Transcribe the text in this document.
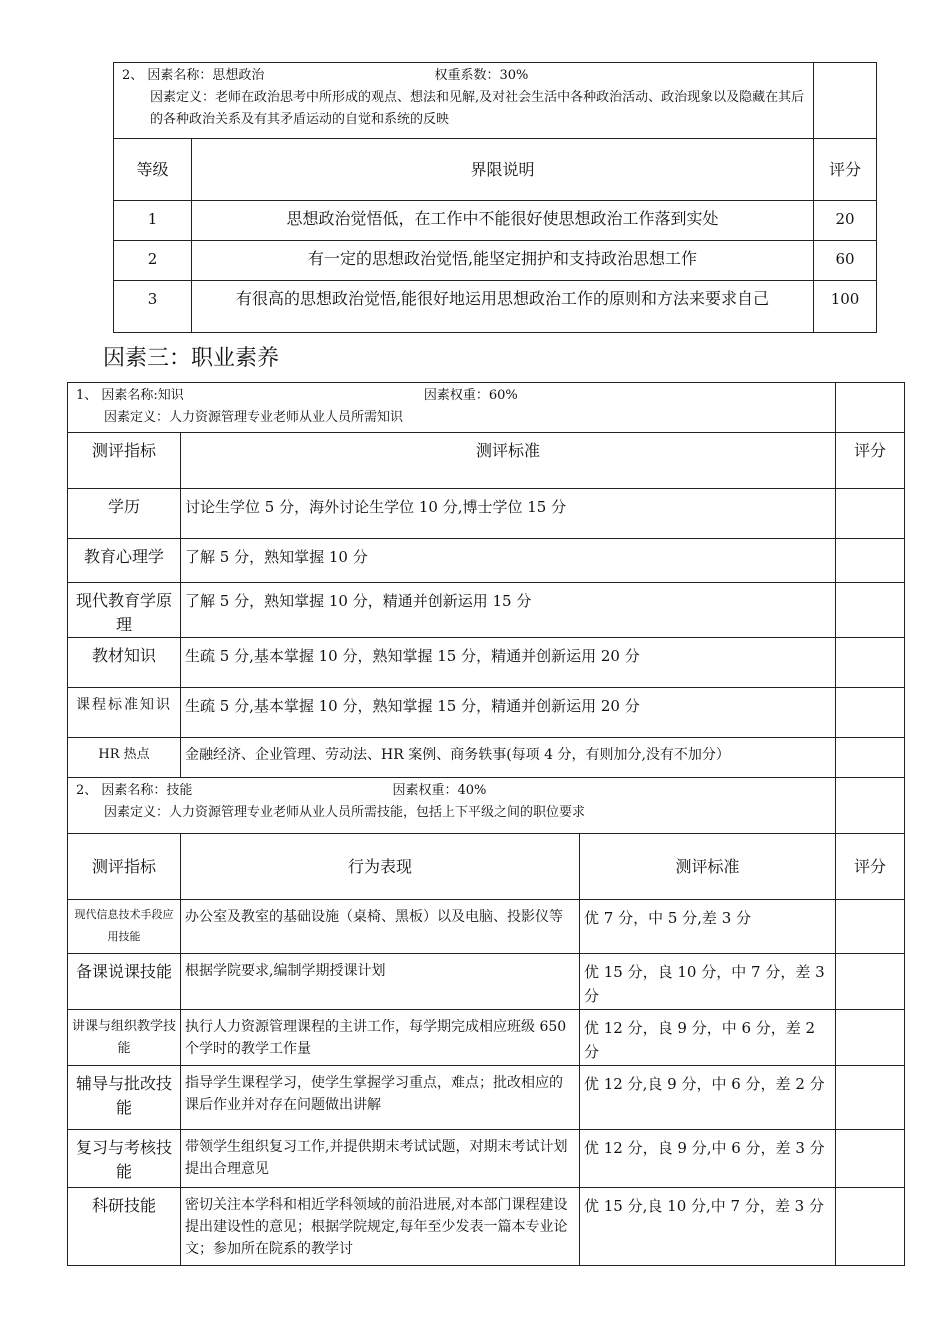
2、 因素名称：思想政治 权重系数：30%
因素定义：老师在政治思考中所形成的观点、想法和见解,及对社会生活中各种政治活动、政治现象以及隐藏在其后的各种政治关系及有其矛盾运动的自觉和系统的反映		

等级	界限说明	评分
1	思想政治觉悟低，在工作中不能很好使思想政治工作落到实处	20
2	有一定的思想政治觉悟,能坚定拥护和支持政治思想工作	60
3	有很高的思想政治觉悟,能很好地运用思想政治工作的原则和方法来要求自己	100
因素三：职业素养
1、 因素名称:知识 因素权重：60%
因素定义：人力资源管理专业老师从业人员所需知识			

测评指标	测评标准		评分
学历	讨论生学位 5 分，海外讨论生学位 10 分,博士学位 15 分		
教育心理学	了解 5 分，熟知掌握 10 分		
现代教育学原理	了解 5 分，熟知掌握 10 分，精通并创新运用 15 分		
教材知识	生疏 5 分,基本掌握 10 分，熟知掌握 15 分，精通并创新运用 20 分		
课程标准知识	生疏 5 分,基本掌握 10 分，熟知掌握 15 分，精通并创新运用 20 分		
HR 热点	金融经济、企业管理、劳动法、HR 案例、商务轶事(每项 4 分，有则加分,没有不加分）		

2、 因素名称：技能 因素权重：40%
因素定义：人力资源管理专业老师从业人员所需技能，包括上下平级之间的职位要求			

测评指标	行为表现	测评标准	评分
现代信息技术手段应用技能	办公室及教室的基础设施（桌椅、黑板）以及电脑、投影仪等	优 7 分，中 5 分,差 3 分	
备课说课技能	根据学院要求,编制学期授课计划	优 15 分，良 10 分，中 7 分，差 3 分	
讲课与组织教学技能	执行人力资源管理课程的主讲工作，每学期完成相应班级 650 个学时的教学工作量	优 12 分，良 9 分，中 6 分，差 2 分	
辅导与批改技能	指导学生课程学习，使学生掌握学习重点，难点；批改相应的课后作业并对存在问题做出讲解	优 12 分,良 9 分，中 6 分，差 2 分	
复习与考核技能	带领学生组织复习工作,并提供期末考试试题，对期末考试计划提出合理意见	优 12 分，良 9 分,中 6 分，差 3 分	
科研技能	密切关注本学科和相近学科领域的前沿进展,对本部门课程建设提出建设性的意见；根据学院规定,每年至少发表一篇本专业论文；参加所在院系的教学讨	优 15 分,良 10 分,中 7 分，差 3 分	
